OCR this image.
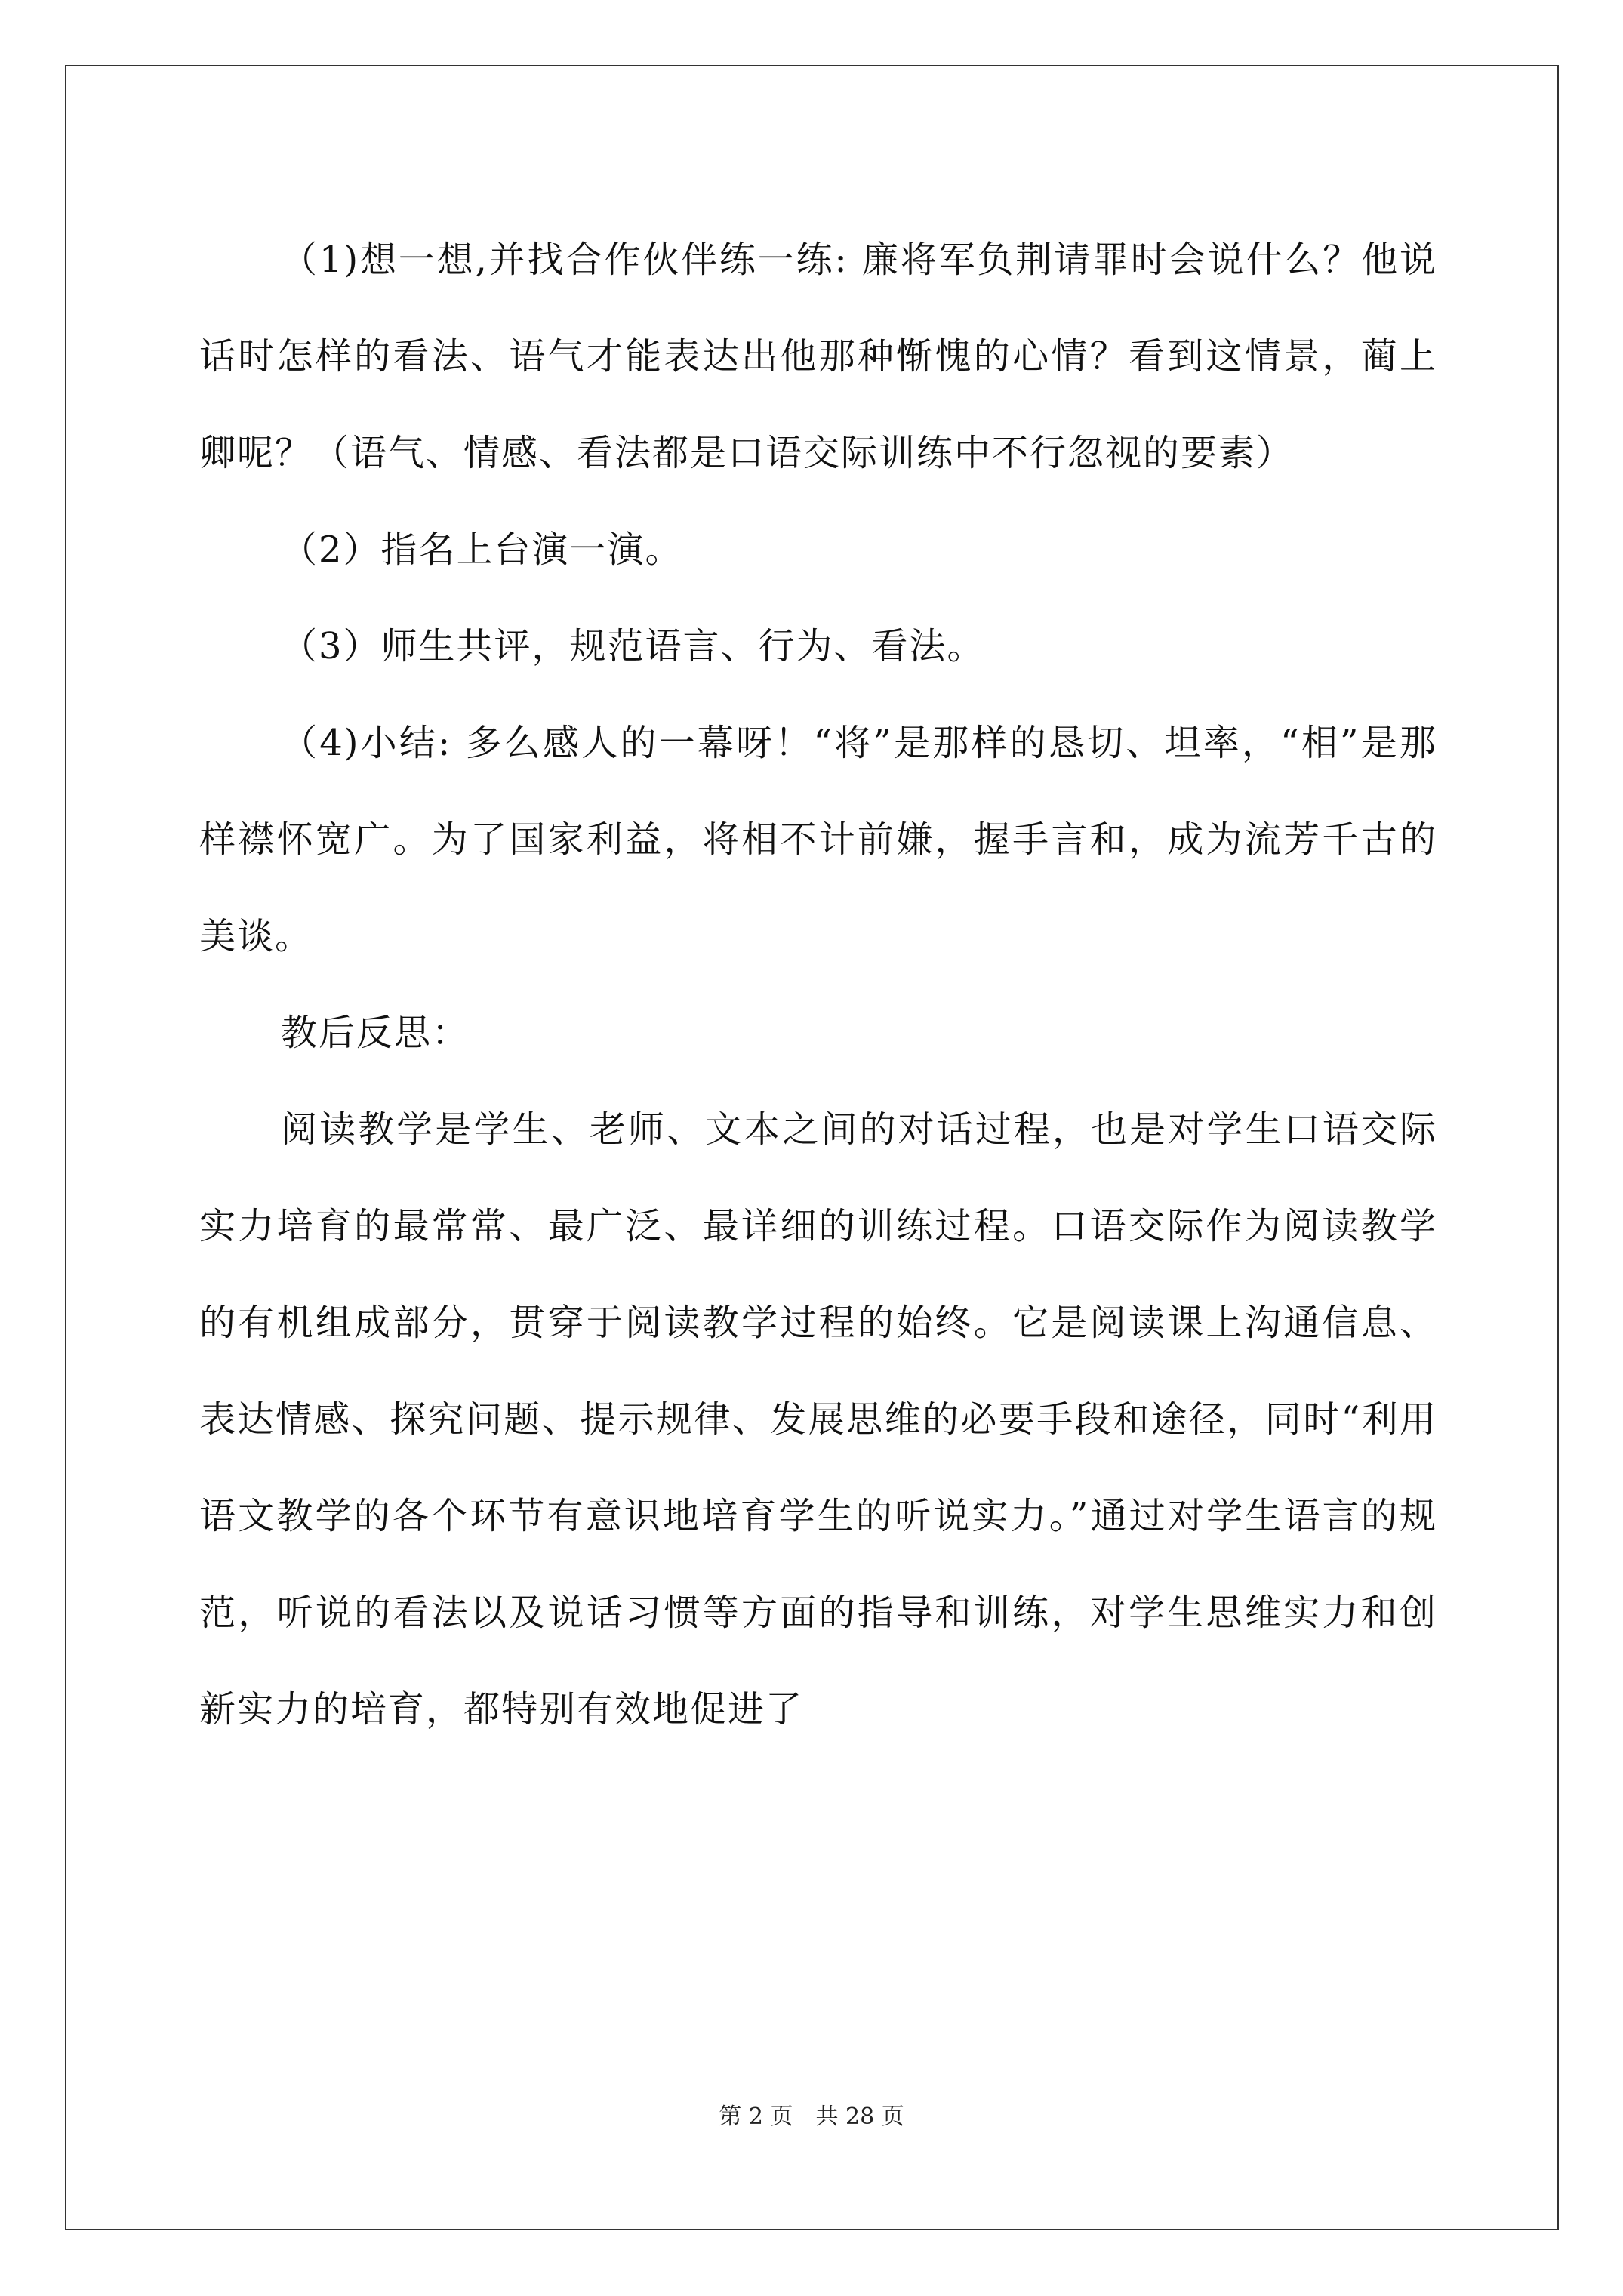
（1)想一想,并找合作伙伴练一练: 廉将军负荆请罪时会说什么？他说话时怎样的看法、语气才能表达出他那种惭愧的心情？看到这情景，蔺上卿呢？（语气、情感、看法都是口语交际训练中不行忽视的要素）

（2）指名上台演一演。

（3）师生共评，规范语言、行为、看法。

（4)小结: 多么感人的一幕呀！“将”是那样的恳切、坦率，“相”是那样襟怀宽广。为了国家利益，将相不计前嫌，握手言和，成为流芳千古的美谈。

教后反思：

阅读教学是学生、老师、文本之间的对话过程，也是对学生口语交际实力培育的最常常、最广泛、最详细的训练过程。口语交际作为阅读教学的有机组成部分，贯穿于阅读教学过程的始终。它是阅读课上沟通信息、表达情感、探究问题、提示规律、发展思维的必要手段和途径，同时“利用语文教学的各个环节有意识地培育学生的听说实力。”通过对学生语言的规范，听说的看法以及说话习惯等方面的指导和训练，对学生思维实力和创新实力的培育，都特别有效地促进了

第 2 页　共 28 页
